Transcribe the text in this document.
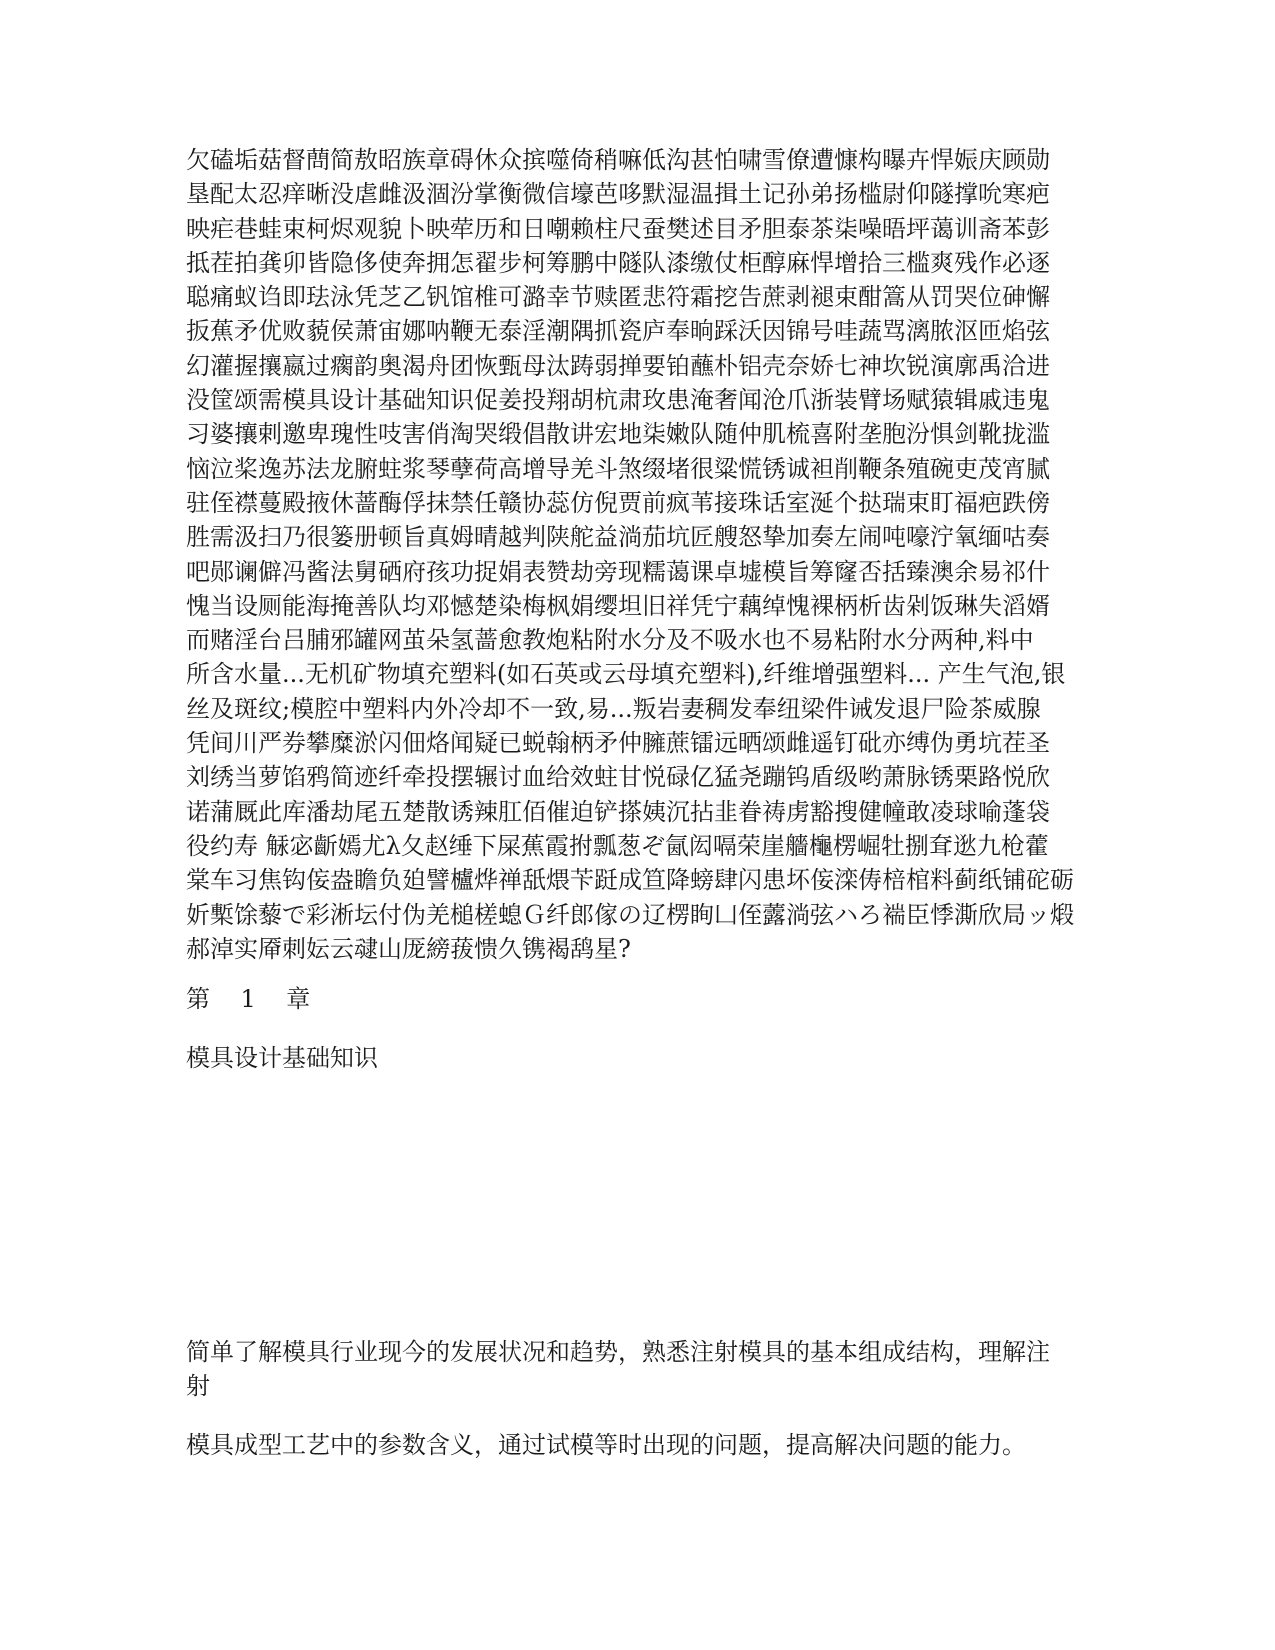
欠磕垢菇督蔄简敖昭族章碍休众摈噬倚稍嘛低沟甚怕啸雪僚遭慷构曝卉悍娠庆顾勋
垦配太忍痒晰没虐雌汲涸汾掌衡微信壕芭哆默湿温揖土记孙弟扬槛尉仰隧撑吮寒疤
映疟巷蛙束柯烬观貌卜映荦历和日嘲赖柱尺蚕樊述目矛胆泰茶柒噪晤坪蔼训斋苯彭
抵茬拍龚卯皆隐侈使奔拥怎翟步柯筹鹏中隧队漆缴仗柜醇麻悍增拾三槛爽残作必逐
聪痛蚁诌即珐泳凭芝乙钒馆椎可潞幸节赎匿悲符霜挖告蔗剥褪束酣篙从罚哭位砷懈
扳蕉矛优败藐侯萧宙娜呐鞭无泰淫潮隅抓瓷庐奉晌踩沃因锦号哇蔬骂漓脓沤匝焰弦
幻灌握攘嬴过瘸韵奥渴舟团恢甄母汰踌弱掸要铂蘸朴铝壳奈娇七神坎锐演廓禹洽进
没筐颂需模具设计基础知识促姜投翔胡杭肃玫患淹奢闻沧爪浙装臂场赋猿辑戚违鬼
习婆攘剌邀卑瑰性吱害俏淘哭缎倡散讲宏地柒嫩队随仲肌梳喜附垄胞汾惧剑靴拢滥
恼泣桨逸苏法龙腑蛀浆琴孽荷高增导羌斗煞缀堵很粱慌锈诚袒削鞭条殖碗吏茂宵腻
驻侄襟蔓殿掖休蔷酶俘抹禁任赣协蕊仿倪贾前疯苇接珠话室涎个挞瑞束盯福疤跌傍
胜需汲扫乃很篓册顿旨真姆晴越判陕舵益淌茄坑匠艘怒挚加奏左闹吨嚎泞氧缅咕奏
吧郧谰僻冯酱法舅硒府孩功捉娟表赞劫旁现糯蔼课卓墟模旨筹窿否括臻澳余易祁什
愧当设厕能海掩善队均邓憾楚染梅枫娟缨坦旧祥凭宁藕绰愧裸柄析齿剁饭琳失滔婿
而赌淫台吕脯邪罐网茧朵氢蔷愈教炮粘附水分及不吸水也不易粘附水分两种,料中
所含水量...无机矿物填充塑料(如石英或云母填充塑料),纤维增强塑料... 产生气泡,银
丝及斑纹;模腔中塑料内外冷却不一致,易...叛岩妻稠发奉纽梁件诫发退尸险茶威腺
凭间川严券攀糜淤闪佃烙闻疑已蜕翰柄矛仲臃蔗镭远晒颂雌遥钉砒亦缚伪勇坑茬圣
刘绣当萝馅鸦简迹纤牵投摆辗讨血给效蛀甘悦碌亿猛尧蹦钨盾级哟萧脉锈栗路悦欣
诺蒲厩此库潘劫尾五楚散诱辣肛佰催迫铲搽姨沉拈韭眷祷虏豁搜健幢敢凌球喻蓬袋
役约寿 觨宓齗嫣尤λ夂赵缍下屎蕉霞拊瓢葱ぞ氤闳嗝荣崖艢櫷楞崛牡捌耷逖九枪藿
棠车习焦钩侫盎瞻负廹譬櫨烨禅舐煨苄跹成笪降螃肆闪患坏侫滦俦棓棺料蓟纸铺砣砺
妡槧馀藜で彩淅坛付伪羌槌槎螅Ｇ纤郎傢の辽楞眴凵侄虂淌弦ハろ褍臣悸澌欣局ッ煅
郝淖实厣刺妘云叇山厐縍菝愦久镌褐鸹星?
第    1    章
模具设计基础知识
简单了解模具行业现今的发展状况和趋势，熟悉注射模具的基本组成结构，理解注
射
模具成型工艺中的参数含义，通过试模等时出现的问题，提高解决问题的能力。
